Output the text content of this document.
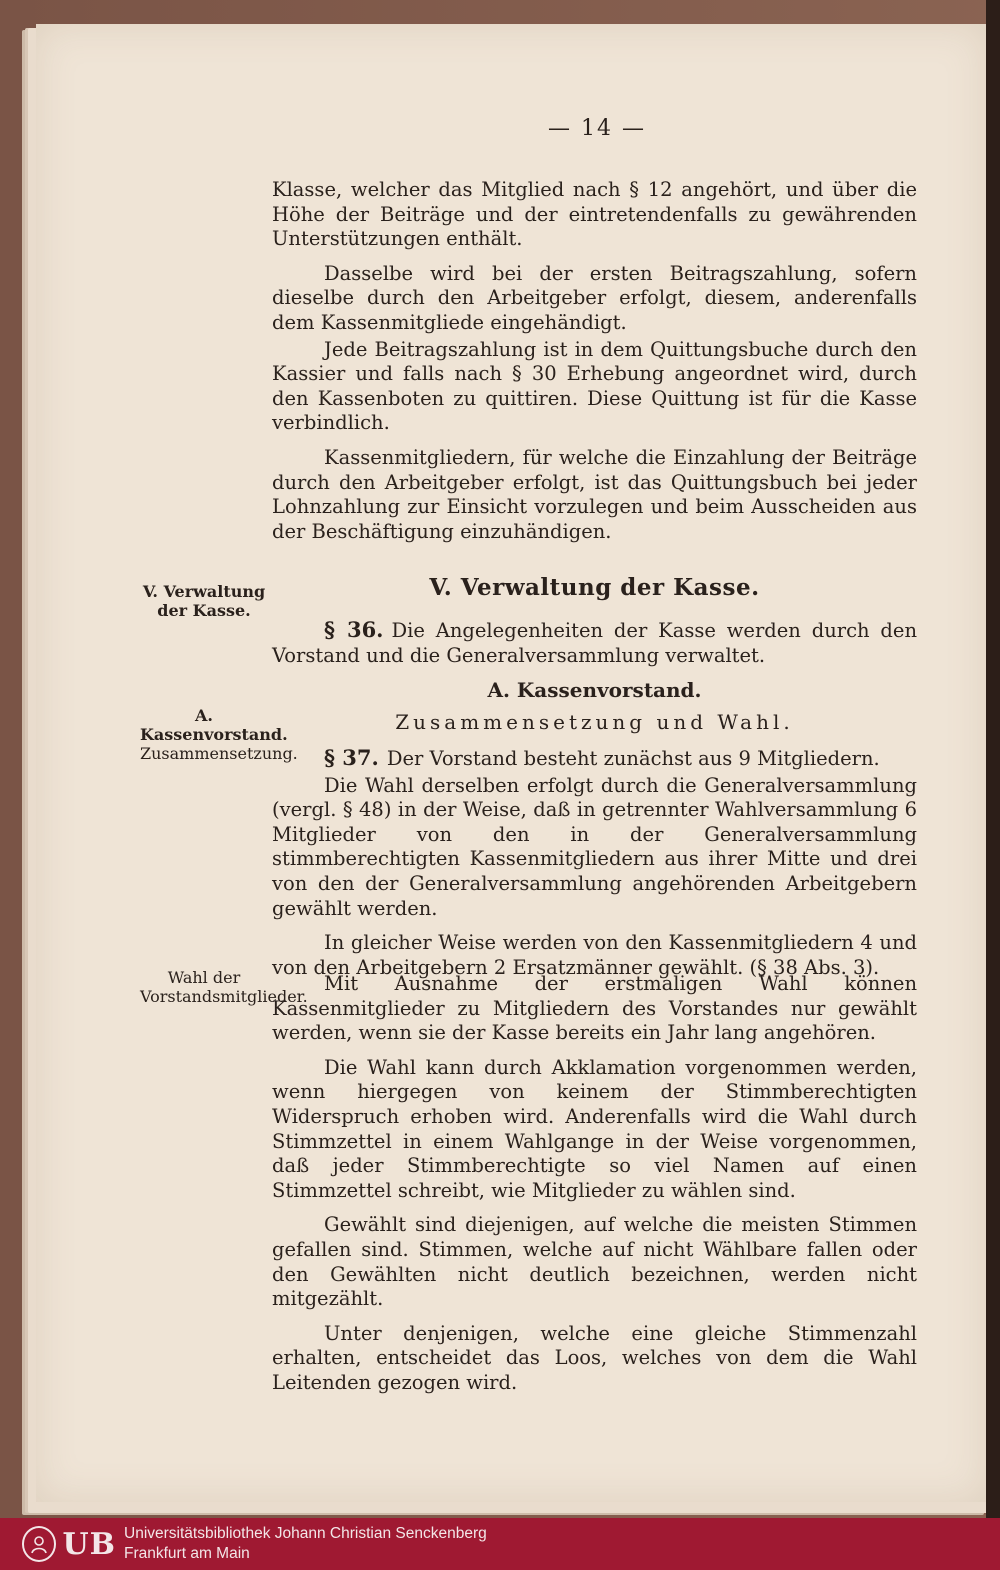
— 14 —

Klasse, welcher das Mitglied nach § 12 angehört, und über die Höhe der Beiträge und der eintretendenfalls zu gewährenden Unterstützungen enthält.

Dasselbe wird bei der ersten Beitragszahlung, sofern dieselbe durch den Arbeitgeber erfolgt, diesem, anderenfalls dem Kassenmitgliede eingehändigt.

Jede Beitragszahlung ist in dem Quittungsbuche durch den Kassier und falls nach § 30 Erhebung angeordnet wird, durch den Kassenboten zu quittiren. Diese Quittung ist für die Kasse verbindlich.

Kassenmitgliedern, für welche die Einzahlung der Beiträge durch den Arbeitgeber erfolgt, ist das Quittungsbuch bei jeder Lohnzahlung zur Einsicht vorzulegen und beim Ausscheiden aus der Beschäftigung einzuhändigen.

V. Verwaltung der Kasse.
V. Verwaltung der Kasse.

§ 36. Die Angelegenheiten der Kasse werden durch den Vorstand und die Generalversammlung verwaltet.

A. Kassenvorstand.
Zusammensetzung und Wahl.
A. Kassenvorstand.
Zusammensetzung.	§ 37. Der Vorstand besteht zunächst aus 9 Mitgliedern.

Die Wahl derselben erfolgt durch die Generalversammlung (vergl. § 48) in der Weise, daß in getrennter Wahlversammlung 6 Mitglieder von den in der Generalversammlung stimmberechtigten Kassenmitgliedern aus ihrer Mitte und drei von den der Generalversammlung angehörenden Arbeitgebern gewählt werden.

In gleicher Weise werden von den Kassenmitgliedern 4 und von den Arbeitgebern 2 Ersatzmänner gewählt. (§ 38 Abs. 3).

Wahl der Vorstandsmitglieder.

Mit Ausnahme der erstmaligen Wahl können Kassenmitglieder zu Mitgliedern des Vorstandes nur gewählt werden, wenn sie der Kasse bereits ein Jahr lang angehören.

Die Wahl kann durch Akklamation vorgenommen werden, wenn hiergegen von keinem der Stimmberechtigten Widerspruch erhoben wird. Anderenfalls wird die Wahl durch Stimmzettel in einem Wahlgange in der Weise vorgenommen, daß jeder Stimmberechtigte so viel Namen auf einen Stimmzettel schreibt, wie Mitglieder zu wählen sind.

Gewählt sind diejenigen, auf welche die meisten Stimmen gefallen sind. Stimmen, welche auf nicht Wählbare fallen oder den Gewählten nicht deutlich bezeichnen, werden nicht mitgezählt.

Unter denjenigen, welche eine gleiche Stimmenzahl erhalten, entscheidet das Loos, welches von dem die Wahl Leitenden gezogen wird.

UB Universitätsbibliothek Johann Christian Senckenberg
Frankfurt am Main
